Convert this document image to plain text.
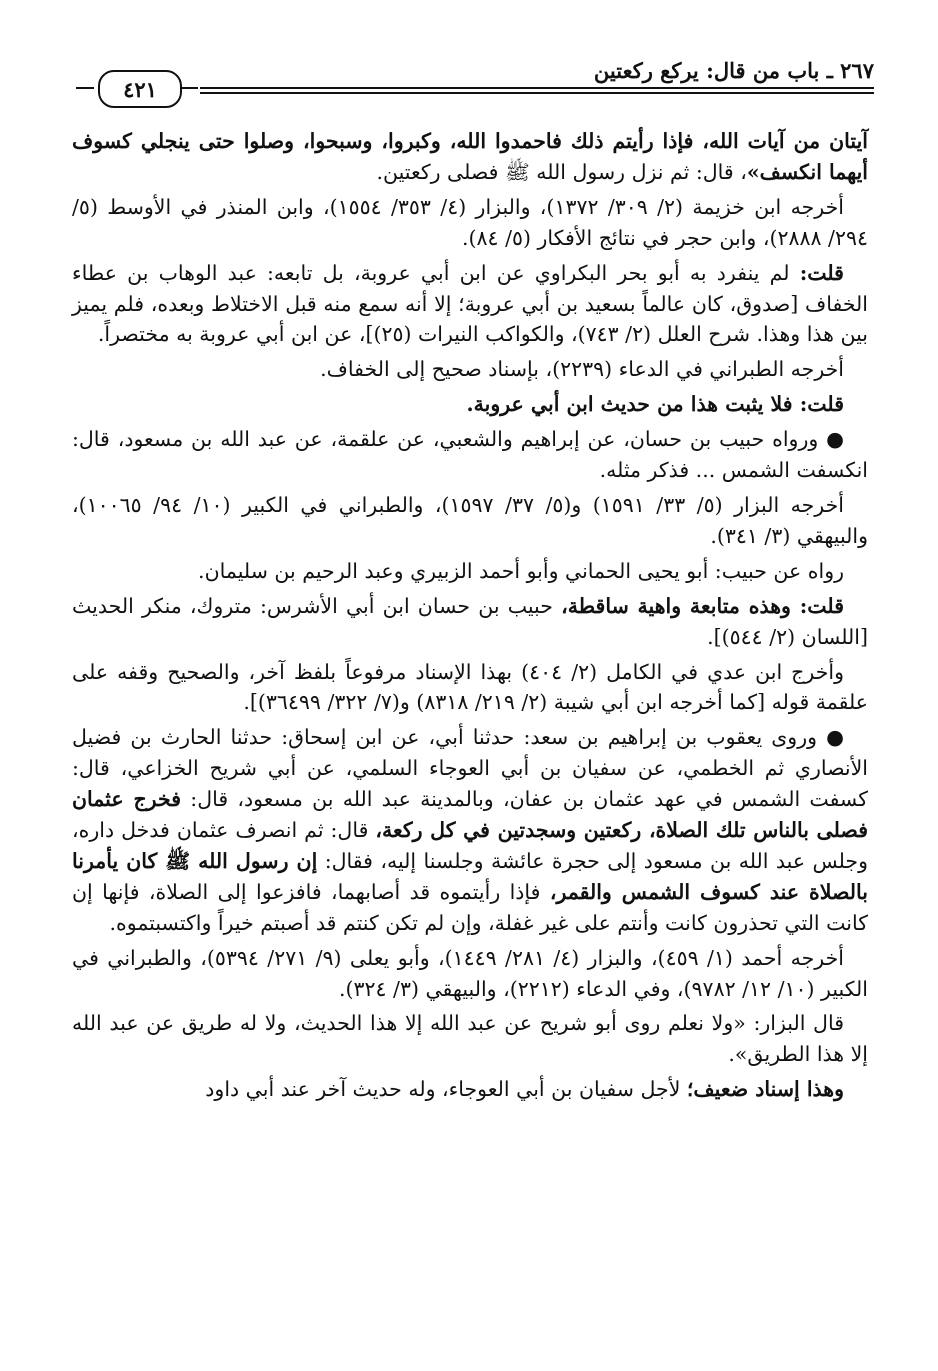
٢٦٧ ـ باب من قال: يركع ركعتين
٤٢١

آيتان من آيات الله، فإذا رأيتم ذلك فاحمدوا الله، وكبروا، وسبحوا، وصلوا حتى ينجلي كسوف أيهما انكسف»، قال: ثم نزل رسول الله ﷺ فصلى ركعتين.

أخرجه ابن خزيمة (٢/ ٣٠٩/ ١٣٧٢)، والبزار (٤/ ٣٥٣/ ١٥٥٤)، وابن المنذر في الأوسط (٥/ ٢٩٤/ ٢٨٨٨)، وابن حجر في نتائج الأفكار (٥/ ٨٤).

قلت: لم ينفرد به أبو بحر البكراوي عن ابن أبي عروبة، بل تابعه: عبد الوهاب بن عطاء الخفاف [صدوق، كان عالماً بسعيد بن أبي عروبة؛ إلا أنه سمع منه قبل الاختلاط وبعده، فلم يميز بين هذا وهذا. شرح العلل (٢/ ٧٤٣)، والكواكب النيرات (٢٥)]، عن ابن أبي عروبة به مختصراً.

أخرجه الطبراني في الدعاء (٢٢٣٩)، بإسناد صحيح إلى الخفاف.

قلت: فلا يثبت هذا من حديث ابن أبي عروبة.

● ورواه حبيب بن حسان، عن إبراهيم والشعبي، عن علقمة، عن عبد الله بن مسعود، قال: انكسفت الشمس ... فذكر مثله.

أخرجه البزار (٥/ ٣٣/ ١٥٩١) و(٥/ ٣٧/ ١٥٩٧)، والطبراني في الكبير (١٠/ ٩٤/ ١٠٠٦٥)، والبيهقي (٣/ ٣٤١).

رواه عن حبيب: أبو يحيى الحماني وأبو أحمد الزبيري وعبد الرحيم بن سليمان.

قلت: وهذه متابعة واهية ساقطة، حبيب بن حسان ابن أبي الأشرس: متروك، منكر الحديث [اللسان (٢/ ٥٤٤)].

وأخرج ابن عدي في الكامل (٢/ ٤٠٤) بهذا الإسناد مرفوعاً بلفظ آخر، والصحيح وقفه على علقمة قوله [كما أخرجه ابن أبي شيبة (٢/ ٢١٩/ ٨٣١٨) و(٧/ ٣٢٢/ ٣٦٤٩٩)].

● وروى يعقوب بن إبراهيم بن سعد: حدثنا أبي، عن ابن إسحاق: حدثنا الحارث بن فضيل الأنصاري ثم الخطمي، عن سفيان بن أبي العوجاء السلمي، عن أبي شريح الخزاعي، قال: كسفت الشمس في عهد عثمان بن عفان، وبالمدينة عبد الله بن مسعود، قال: فخرج عثمان فصلى بالناس تلك الصلاة، ركعتين وسجدتين في كل ركعة، قال: ثم انصرف عثمان فدخل داره، وجلس عبد الله بن مسعود إلى حجرة عائشة وجلسنا إليه، فقال: إن رسول الله ﷺ كان يأمرنا بالصلاة عند كسوف الشمس والقمر، فإذا رأيتموه قد أصابهما، فافزعوا إلى الصلاة، فإنها إن كانت التي تحذرون كانت وأنتم على غير غفلة، وإن لم تكن كنتم قد أصبتم خيراً واكتسبتموه.

أخرجه أحمد (١/ ٤٥٩)، والبزار (٤/ ٢٨١/ ١٤٤٩)، وأبو يعلى (٩/ ٢٧١/ ٥٣٩٤)، والطبراني في الكبير (١٠/ ١٢/ ٩٧٨٢)، وفي الدعاء (٢٢١٢)، والبيهقي (٣/ ٣٢٤).

قال البزار: «ولا نعلم روى أبو شريح عن عبد الله إلا هذا الحديث، ولا له طريق عن عبد الله إلا هذا الطريق».

وهذا إسناد ضعيف؛ لأجل سفيان بن أبي العوجاء، وله حديث آخر عند أبي داود
